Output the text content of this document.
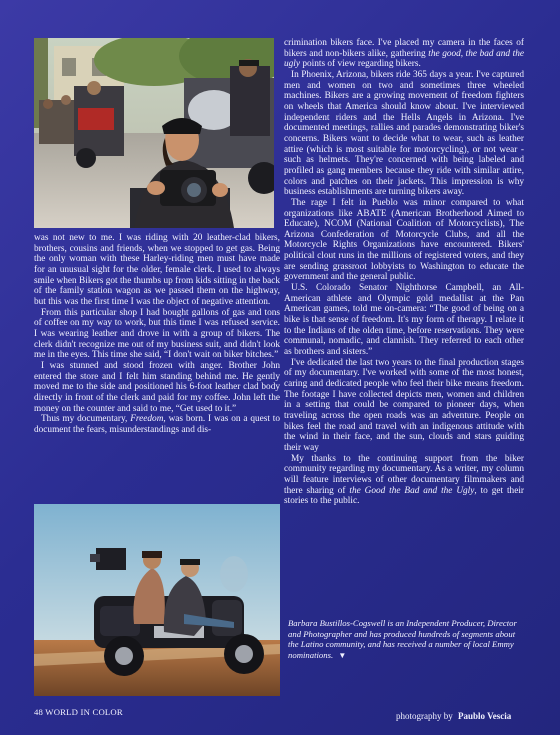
was not new to me. I was riding with 20 leather-clad bikers, brothers, cousins and friends, when we stopped to get gas. Being the only woman with these Harley-riding men must have made for an unusual sight for the older, female clerk. I used to always smile when Bikers got the thumbs up from kids sitting in the back of the family station wagon as we passed them on the highway, but this was the first time I was the object of negative attention.

From this particular shop I had bought gallons of gas and tons of coffee on my way to work, but this time I was refused service. I was wearing leather and drove in with a group of bikers. The clerk didn't recognize me out of my business suit, and didn't look me in the eyes. This time she said, “I don't wait on biker bitches.”

I was stunned and stood frozen with anger. Brother John entered the store and I felt him standing behind me. He gently moved me to the side and positioned his 6-foot leather clad body directly in front of the clerk and paid for my coffee. John left the money on the counter and said to me, “Get used to it.”

Thus my documentary, Freedom, was born. I was on a quest to document the fears, misunderstandings and dis-

crimination bikers face. I've placed my camera in the faces of bikers and non-bikers alike, gathering the good, the bad and the ugly points of view regarding bikers.

In Phoenix, Arizona, bikers ride 365 days a year. I've captured men and women on two and sometimes three wheeled machines. Bikers are a growing movement of freedom fighters on wheels that America should know about. I've interviewed independent riders and the Hells Angels in Arizona. I've documented meetings, rallies and parades demonstrating biker's concerns. Bikers want to decide what to wear, such as leather attire (which is most suitable for motorcycling), or not wear - such as helmets. They're concerned with being labeled and profiled as gang members because they ride with similar attire, colors and patches on their jackets. This impression is why business establishments are turning bikers away.

The rage I felt in Pueblo was minor compared to what organizations like ABATE (American Brotherhood Aimed to Educate), NCOM (National Coalition of Motorcyclists), The Arizona Confederation of Motorcycle Clubs, and all the Motorcycle Rights Organizations have encountered. Bikers' political clout runs in the millions of registered voters, and they are sending grassroot lobbyists to Washington to educate the government and the general public.

U.S. Colorado Senator Nighthorse Campbell, an All-American athlete and Olympic gold medallist at the Pan American games, told me on-camera: “The good of being on a bike is that sense of freedom. It's my form of therapy. I relate it to the Indians of the olden time, before reservations. They were communal, nomadic, and clannish. They referred to each other as brothers and sisters.”

I've dedicated the last two years to the final production stages of my documentary. I've worked with some of the most honest, caring and dedicated people who feel their bike means freedom. The footage I have collected depicts men, women and children in a setting that could be compared to pioneer days, when traveling across the open roads was an adventure. People on bikes feel the road and travel with an indigenous attitude with the wind in their face, and the sun, clouds and stars guiding their way

My thanks to the continuing support from the biker community regarding my documentary. As a writer, my column will feature interviews of other documentary filmmakers and there sharing of the Good the Bad and the Ugly, to get their stories to the public.

Barbara Bustillos-Cogswell is an Independent Producer, Director and Photographer and has produced hundreds of segments about the Latino community, and has received a number of local Emmy nominations. ▼
photography by Paublo Vescia
48 WORLD IN COLOR
